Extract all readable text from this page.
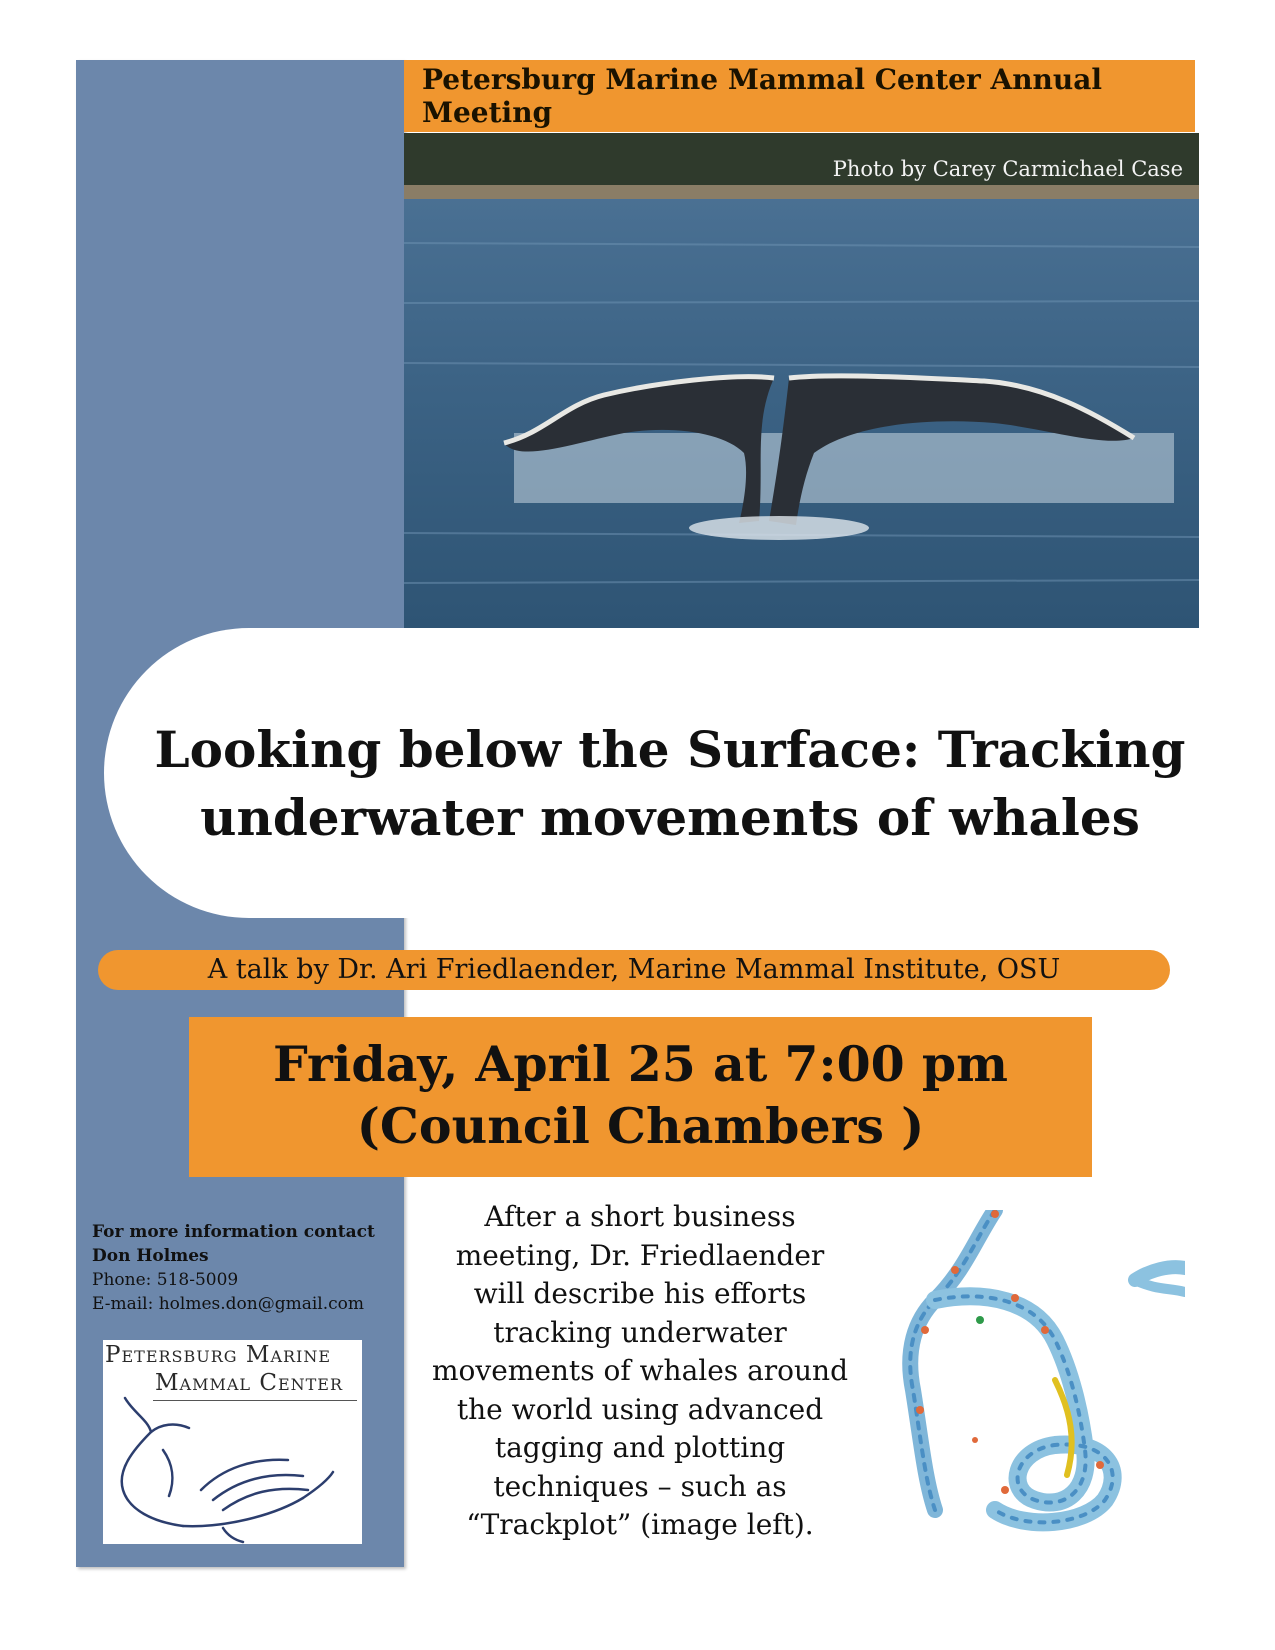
Petersburg Marine Mammal Center Annual Meeting
Photo by Carey Carmichael Case
Looking below the Surface: Tracking underwater movements of whales
A talk by Dr. Ari Friedlaender, Marine Mammal Institute, OSU
Friday, April 25 at 7:00 pm
(Council Chambers )
For more information contact
Don Holmes
Phone: 518-5009
E-mail: holmes.don@gmail.com
Petersburg Marine
Mammal Center

After a short business meeting, Dr. Friedlaender will describe his efforts tracking underwater movements of whales around the world using advanced tagging and plotting techniques – such as “Trackplot” (image left).
